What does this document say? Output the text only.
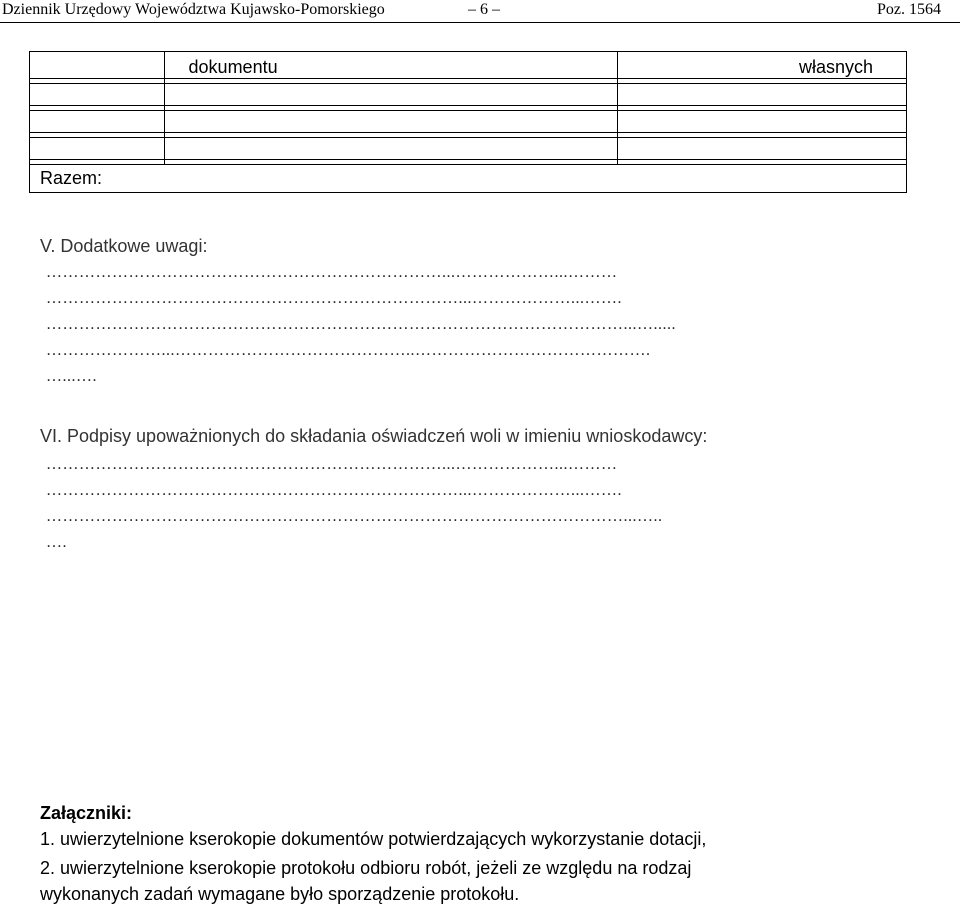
Dziennik Urzędowy Województwa Kujawsko-Pomorskiego	– 6 –	Poz. 1564
	dokumentu	własnych

Razem:		
V. Dodatkowe uwagi:
………………………………………………………………...………………...………
…………………………………………………………………...………………...…….
……………………………………………………………………………………………...….....
…………………...……………………………………..…………………………………….
…...….
VI. Podpisy upoważnionych do składania oświadczeń woli w imieniu wnioskodawcy:
………………………………………………………………...………………...………
…………………………………………………………………...………………...…….
……………………………………………………………………………………………...…..
….
Załączniki:
1. uwierzytelnione kserokopie dokumentów potwierdzających wykorzystanie dotacji,
2. uwierzytelnione kserokopie protokołu odbioru robót, jeżeli ze względu na rodzaj
wykonanych zadań wymagane było sporządzenie protokołu.
